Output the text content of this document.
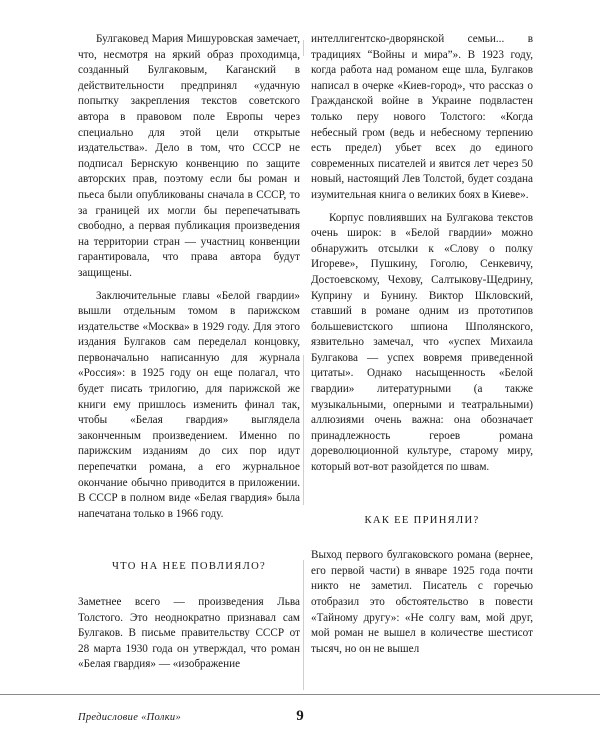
Булгаковед Мария Мишуровская замечает, что, несмотря на яркий образ проходимца, созданный Булгаковым, Каганский в действительности предпринял «удачную попытку закрепления текстов советского автора в правовом поле Европы через специально для этой цели открытые издательства». Дело в том, что СССР не подписал Бернскую конвенцию по защите авторских прав, поэтому если бы роман и пьеса были опубликованы сначала в СССР, то за границей их могли бы перепечатывать свободно, а первая публикация произведения на территории стран — участниц конвенции гарантировала, что права автора будут защищены.

Заключительные главы «Белой гвардии» вышли отдельным томом в парижском издательстве «Москва» в 1929 году. Для этого издания Булгаков сам переделал концовку, первоначально написанную для журнала «Россия»: в 1925 году он еще полагал, что будет писать трилогию, для парижской же книги ему пришлось изменить финал так, чтобы «Белая гвардия» выглядела законченным произведением. Именно по парижским изданиям до сих пор идут перепечатки романа, а его журнальное окончание обычно приводится в приложении. В СССР в полном виде «Белая гвардия» была напечатана только в 1966 году.

ЧТО НА НЕЕ ПОВЛИЯЛО?

Заметнее всего — произведения Льва Толстого. Это неоднократно признавал сам Булгаков. В письме правительству СССР от 28 марта 1930 года он утверждал, что роман «Белая гвардия» — «изображение

интеллигентско-дворянской семьи... в традициях “Войны и мира”». В 1923 году, когда работа над романом еще шла, Булгаков написал в очерке «Киев-город», что рассказ о Гражданской войне в Украине подвластен только перу нового Толстого: «Когда небесный гром (ведь и небесному терпению есть предел) убьет всех до единого современных писателей и явится лет через 50 новый, настоящий Лев Толстой, будет создана изумительная книга о великих боях в Киеве».

Корпус повлиявших на Булгакова текстов очень широк: в «Белой гвардии» можно обнаружить отсылки к «Слову о полку Игореве», Пушкину, Гоголю, Сенкевичу, Достоевскому, Чехову, Салтыкову-Щедрину, Куприну и Бунину. Виктор Шкловский, ставший в романе одним из прототипов большевистского шпиона Шполянского, язвительно замечал, что «успех Михаила Булгакова — успех вовремя приведенной цитаты». Однако насыщенность «Белой гвардии» литературными (а также музыкальными, оперными и театральными) аллюзиями очень важна: она обозначает принадлежность героев романа дореволюционной культуре, старому миру, который вот-вот разойдется по швам.

КАК ЕЕ ПРИНЯЛИ?

Выход первого булгаковского романа (вернее, его первой части) в январе 1925 года почти никто не заметил. Писатель с горечью отобразил это обстоятельство в повести «Тайному другу»: «Не солгу вам, мой друг, мой роман не вышел в количестве шестисот тысяч, но он не вышел

Предисловие «Полки»	9
